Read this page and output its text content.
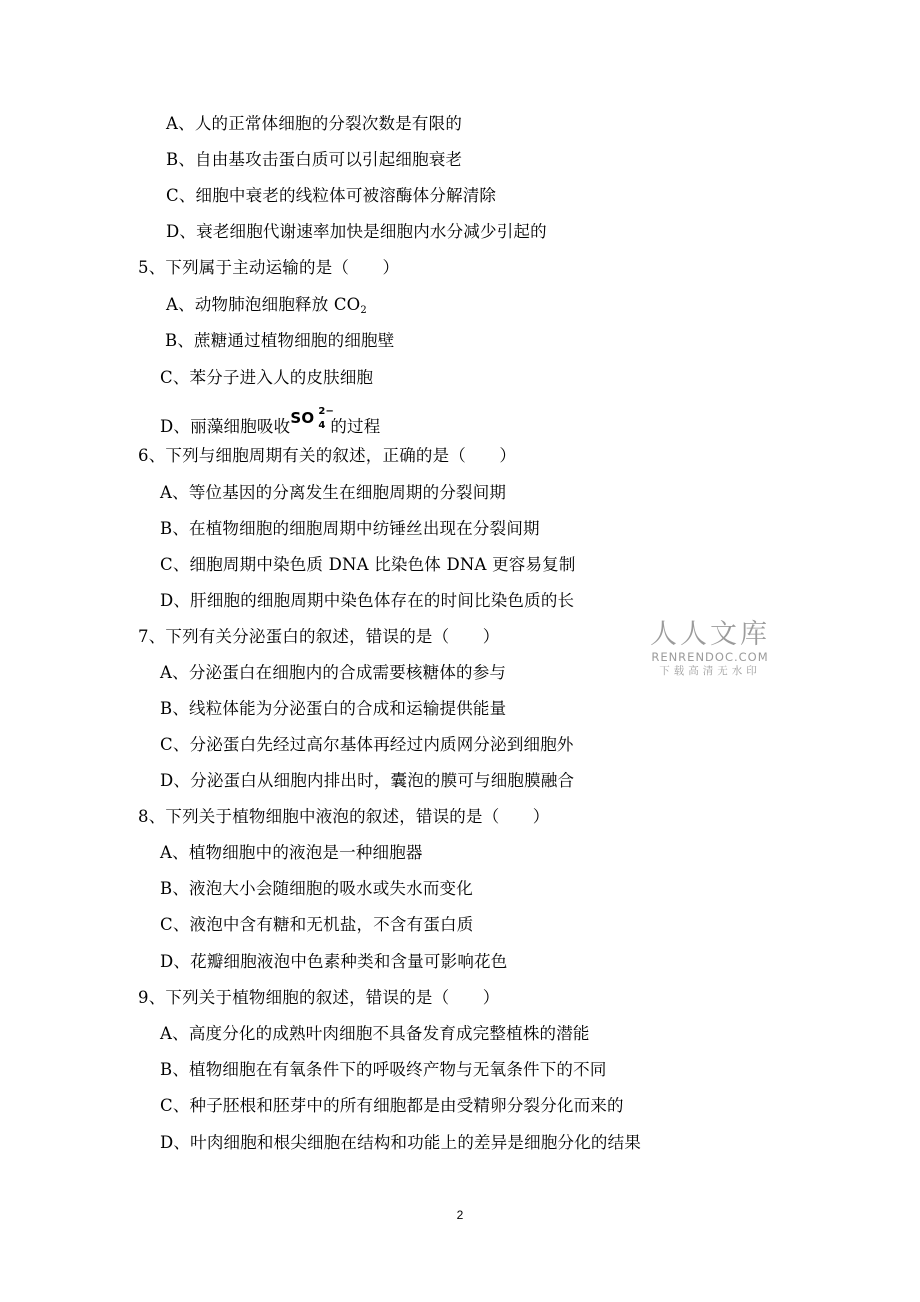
A、人的正常体细胞的分裂次数是有限的
B、自由基攻击蛋白质可以引起细胞衰老
C、细胞中衰老的线粒体可被溶酶体分解清除
D、衰老细胞代谢速率加快是细胞内水分减少引起的
5、下列属于主动运输的是（　　）
A、动物肺泡细胞释放 $CO_2$
B、蔗糖通过植物细胞的细胞壁
C、苯分子进入人的皮肤细胞
D、丽藻细胞吸收 SO 2−
4 的过程
6、下列与细胞周期有关的叙述，正确的是（　　）
A、等位基因的分离发生在细胞周期的分裂间期
B、在植物细胞的细胞周期中纺锤丝出现在分裂间期
C、细胞周期中染色质 DNA 比染色体 DNA 更容易复制
D、肝细胞的细胞周期中染色体存在的时间比染色质的长
7、下列有关分泌蛋白的叙述，错误的是（　　）
A、分泌蛋白在细胞内的合成需要核糖体的参与
B、线粒体能为分泌蛋白的合成和运输提供能量
C、分泌蛋白先经过高尔基体再经过内质网分泌到细胞外
D、分泌蛋白从细胞内排出时，囊泡的膜可与细胞膜融合
8、下列关于植物细胞中液泡的叙述，错误的是（　　）
A、植物细胞中的液泡是一种细胞器
B、液泡大小会随细胞的吸水或失水而变化
C、液泡中含有糖和无机盐，不含有蛋白质
D、花瓣细胞液泡中色素种类和含量可影响花色
9、下列关于植物细胞的叙述，错误的是（　　）
A、高度分化的成熟叶肉细胞不具备发育成完整植株的潜能
B、植物细胞在有氧条件下的呼吸终产物与无氧条件下的不同
C、种子胚根和胚芽中的所有细胞都是由受精卵分裂分化而来的
D、叶肉细胞和根尖细胞在结构和功能上的差异是细胞分化的结果
人人文库
RENRENDOC.COM
下载高清无水印
2
